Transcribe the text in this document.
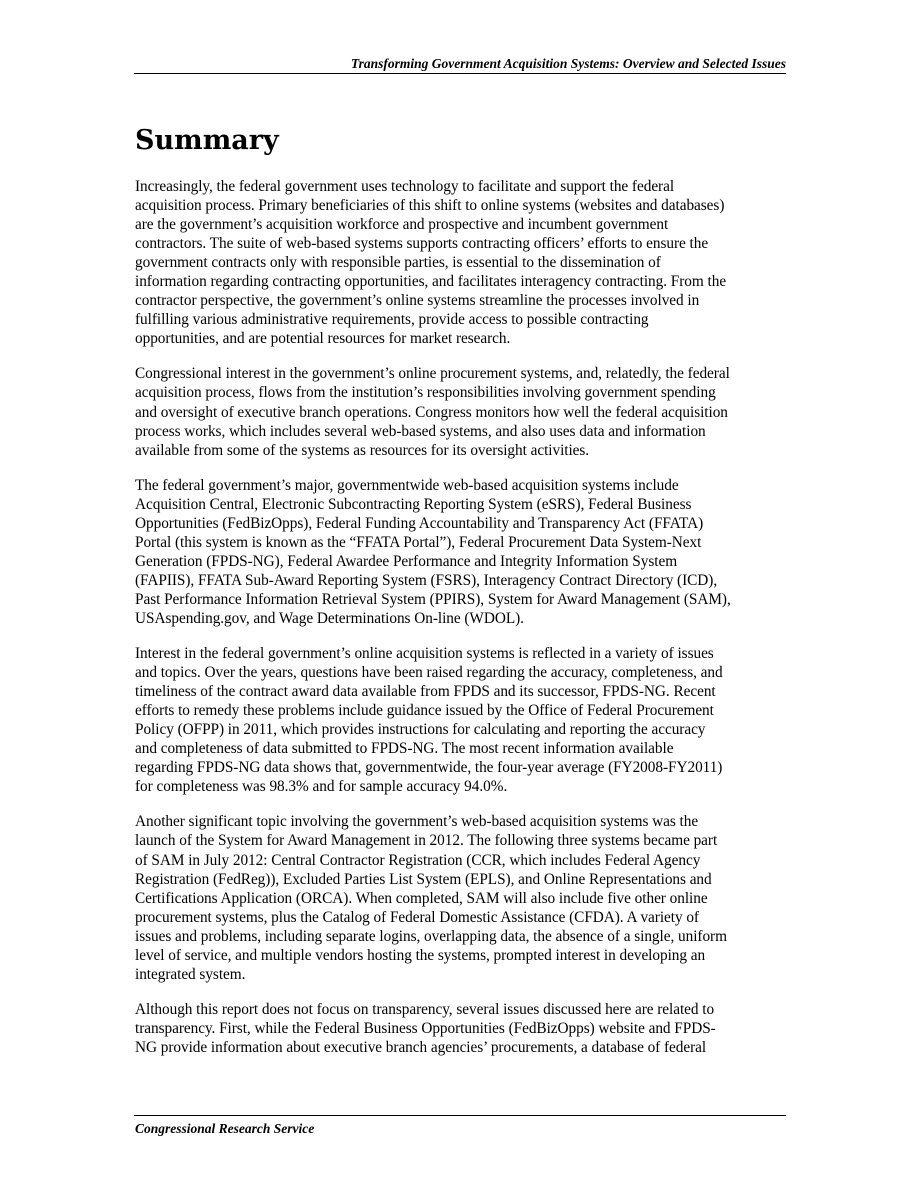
Transforming Government Acquisition Systems: Overview and Selected Issues
Summary

Increasingly, the federal government uses technology to facilitate and support the federal
acquisition process. Primary beneficiaries of this shift to online systems (websites and databases)
are the government’s acquisition workforce and prospective and incumbent government
contractors. The suite of web-based systems supports contracting officers’ efforts to ensure the
government contracts only with responsible parties, is essential to the dissemination of
information regarding contracting opportunities, and facilitates interagency contracting. From the
contractor perspective, the government’s online systems streamline the processes involved in
fulfilling various administrative requirements, provide access to possible contracting
opportunities, and are potential resources for market research.

Congressional interest in the government’s online procurement systems, and, relatedly, the federal
acquisition process, flows from the institution’s responsibilities involving government spending
and oversight of executive branch operations. Congress monitors how well the federal acquisition
process works, which includes several web-based systems, and also uses data and information
available from some of the systems as resources for its oversight activities.

The federal government’s major, governmentwide web-based acquisition systems include
Acquisition Central, Electronic Subcontracting Reporting System (eSRS), Federal Business
Opportunities (FedBizOpps), Federal Funding Accountability and Transparency Act (FFATA)
Portal (this system is known as the “FFATA Portal”), Federal Procurement Data System-Next
Generation (FPDS-NG), Federal Awardee Performance and Integrity Information System
(FAPIIS), FFATA Sub-Award Reporting System (FSRS), Interagency Contract Directory (ICD),
Past Performance Information Retrieval System (PPIRS), System for Award Management (SAM),
USAspending.gov, and Wage Determinations On-line (WDOL).

Interest in the federal government’s online acquisition systems is reflected in a variety of issues
and topics. Over the years, questions have been raised regarding the accuracy, completeness, and
timeliness of the contract award data available from FPDS and its successor, FPDS-NG. Recent
efforts to remedy these problems include guidance issued by the Office of Federal Procurement
Policy (OFPP) in 2011, which provides instructions for calculating and reporting the accuracy
and completeness of data submitted to FPDS-NG. The most recent information available
regarding FPDS-NG data shows that, governmentwide, the four-year average (FY2008-FY2011)
for completeness was 98.3% and for sample accuracy 94.0%.

Another significant topic involving the government’s web-based acquisition systems was the
launch of the System for Award Management in 2012. The following three systems became part
of SAM in July 2012: Central Contractor Registration (CCR, which includes Federal Agency
Registration (FedReg)), Excluded Parties List System (EPLS), and Online Representations and
Certifications Application (ORCA). When completed, SAM will also include five other online
procurement systems, plus the Catalog of Federal Domestic Assistance (CFDA). A variety of
issues and problems, including separate logins, overlapping data, the absence of a single, uniform
level of service, and multiple vendors hosting the systems, prompted interest in developing an
integrated system.

Although this report does not focus on transparency, several issues discussed here are related to
transparency. First, while the Federal Business Opportunities (FedBizOpps) website and FPDS-
NG provide information about executive branch agencies’ procurements, a database of federal

Congressional Research Service
